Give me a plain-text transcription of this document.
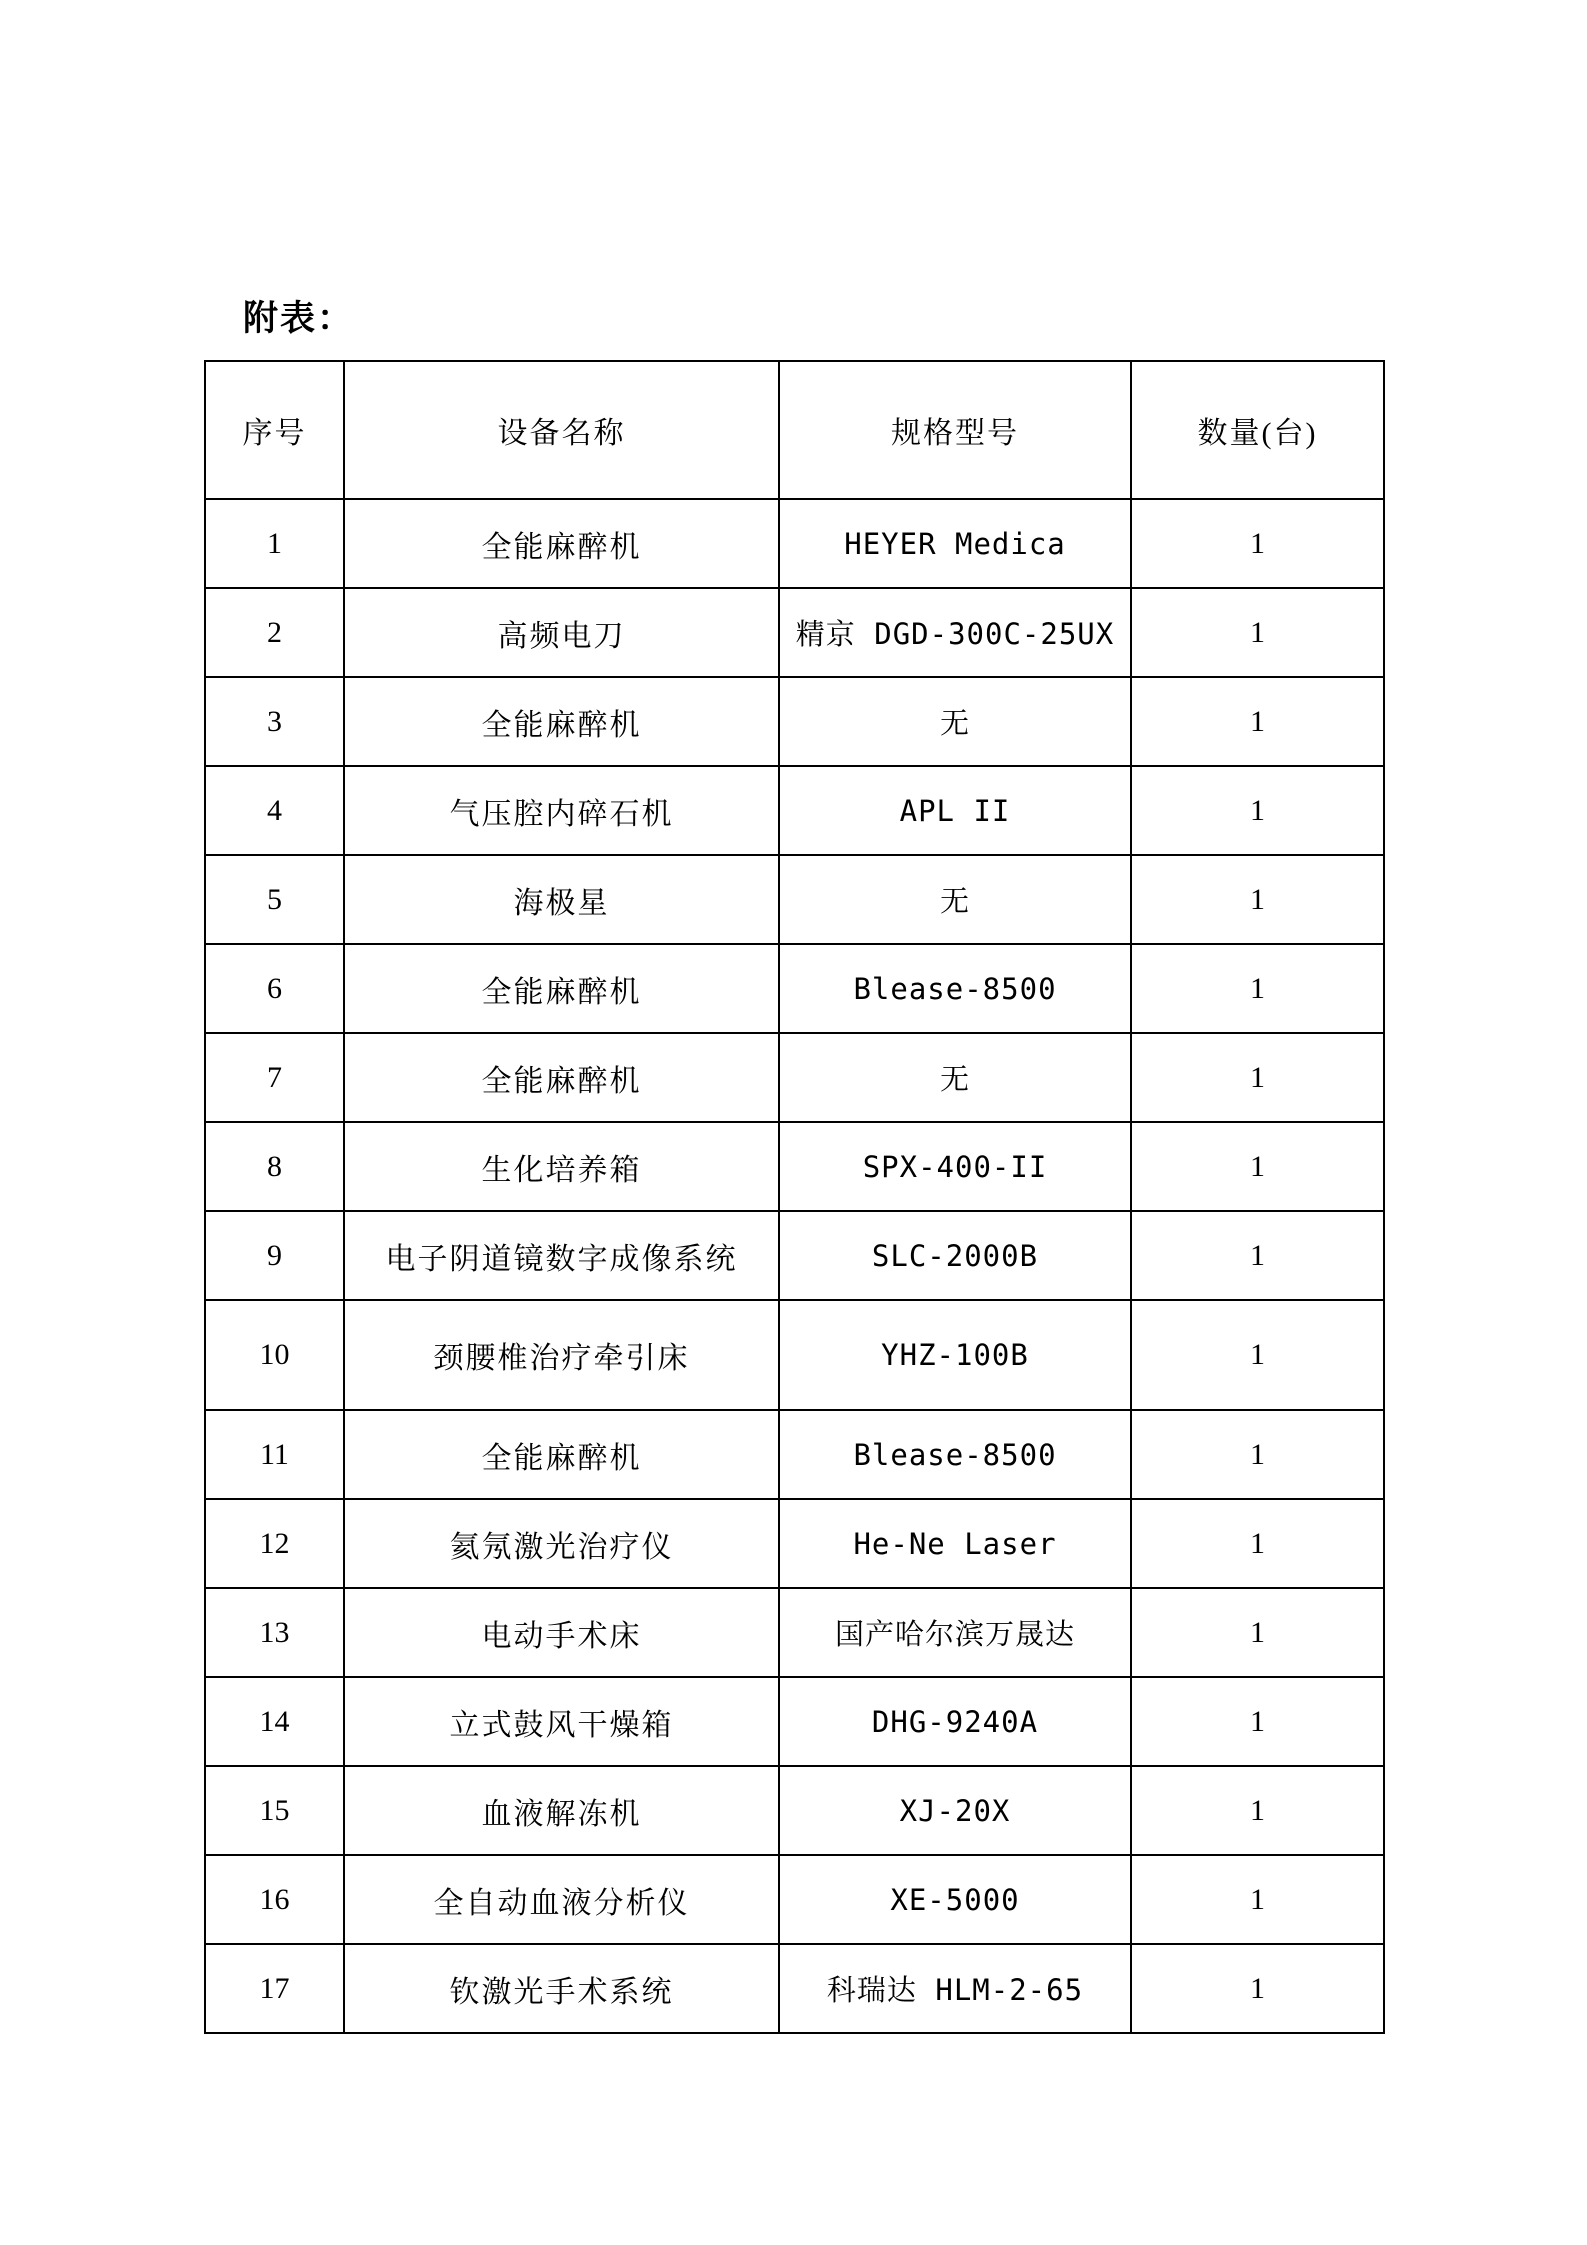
附表：
序号	设备名称	规格型号	数量(台)
1	全能麻醉机	HEYER Medica	1
2	高频电刀	精京 DGD-300C-25UX	1
3	全能麻醉机	无	1
4	气压腔内碎石机	APL II	1
5	海极星	无	1
6	全能麻醉机	Blease-8500	1
7	全能麻醉机	无	1
8	生化培养箱	SPX-400-II	1
9	电子阴道镜数字成像系统	SLC-2000B	1
10	颈腰椎治疗牵引床	YHZ-100B	1
11	全能麻醉机	Blease-8500	1
12	氦氖激光治疗仪	He-Ne Laser	1
13	电动手术床	国产哈尔滨万晟达	1
14	立式鼓风干燥箱	DHG-9240A	1
15	血液解冻机	XJ-20X	1
16	全自动血液分析仪	XE-5000	1
17	钦激光手术系统	科瑞达 HLM-2-65	1
